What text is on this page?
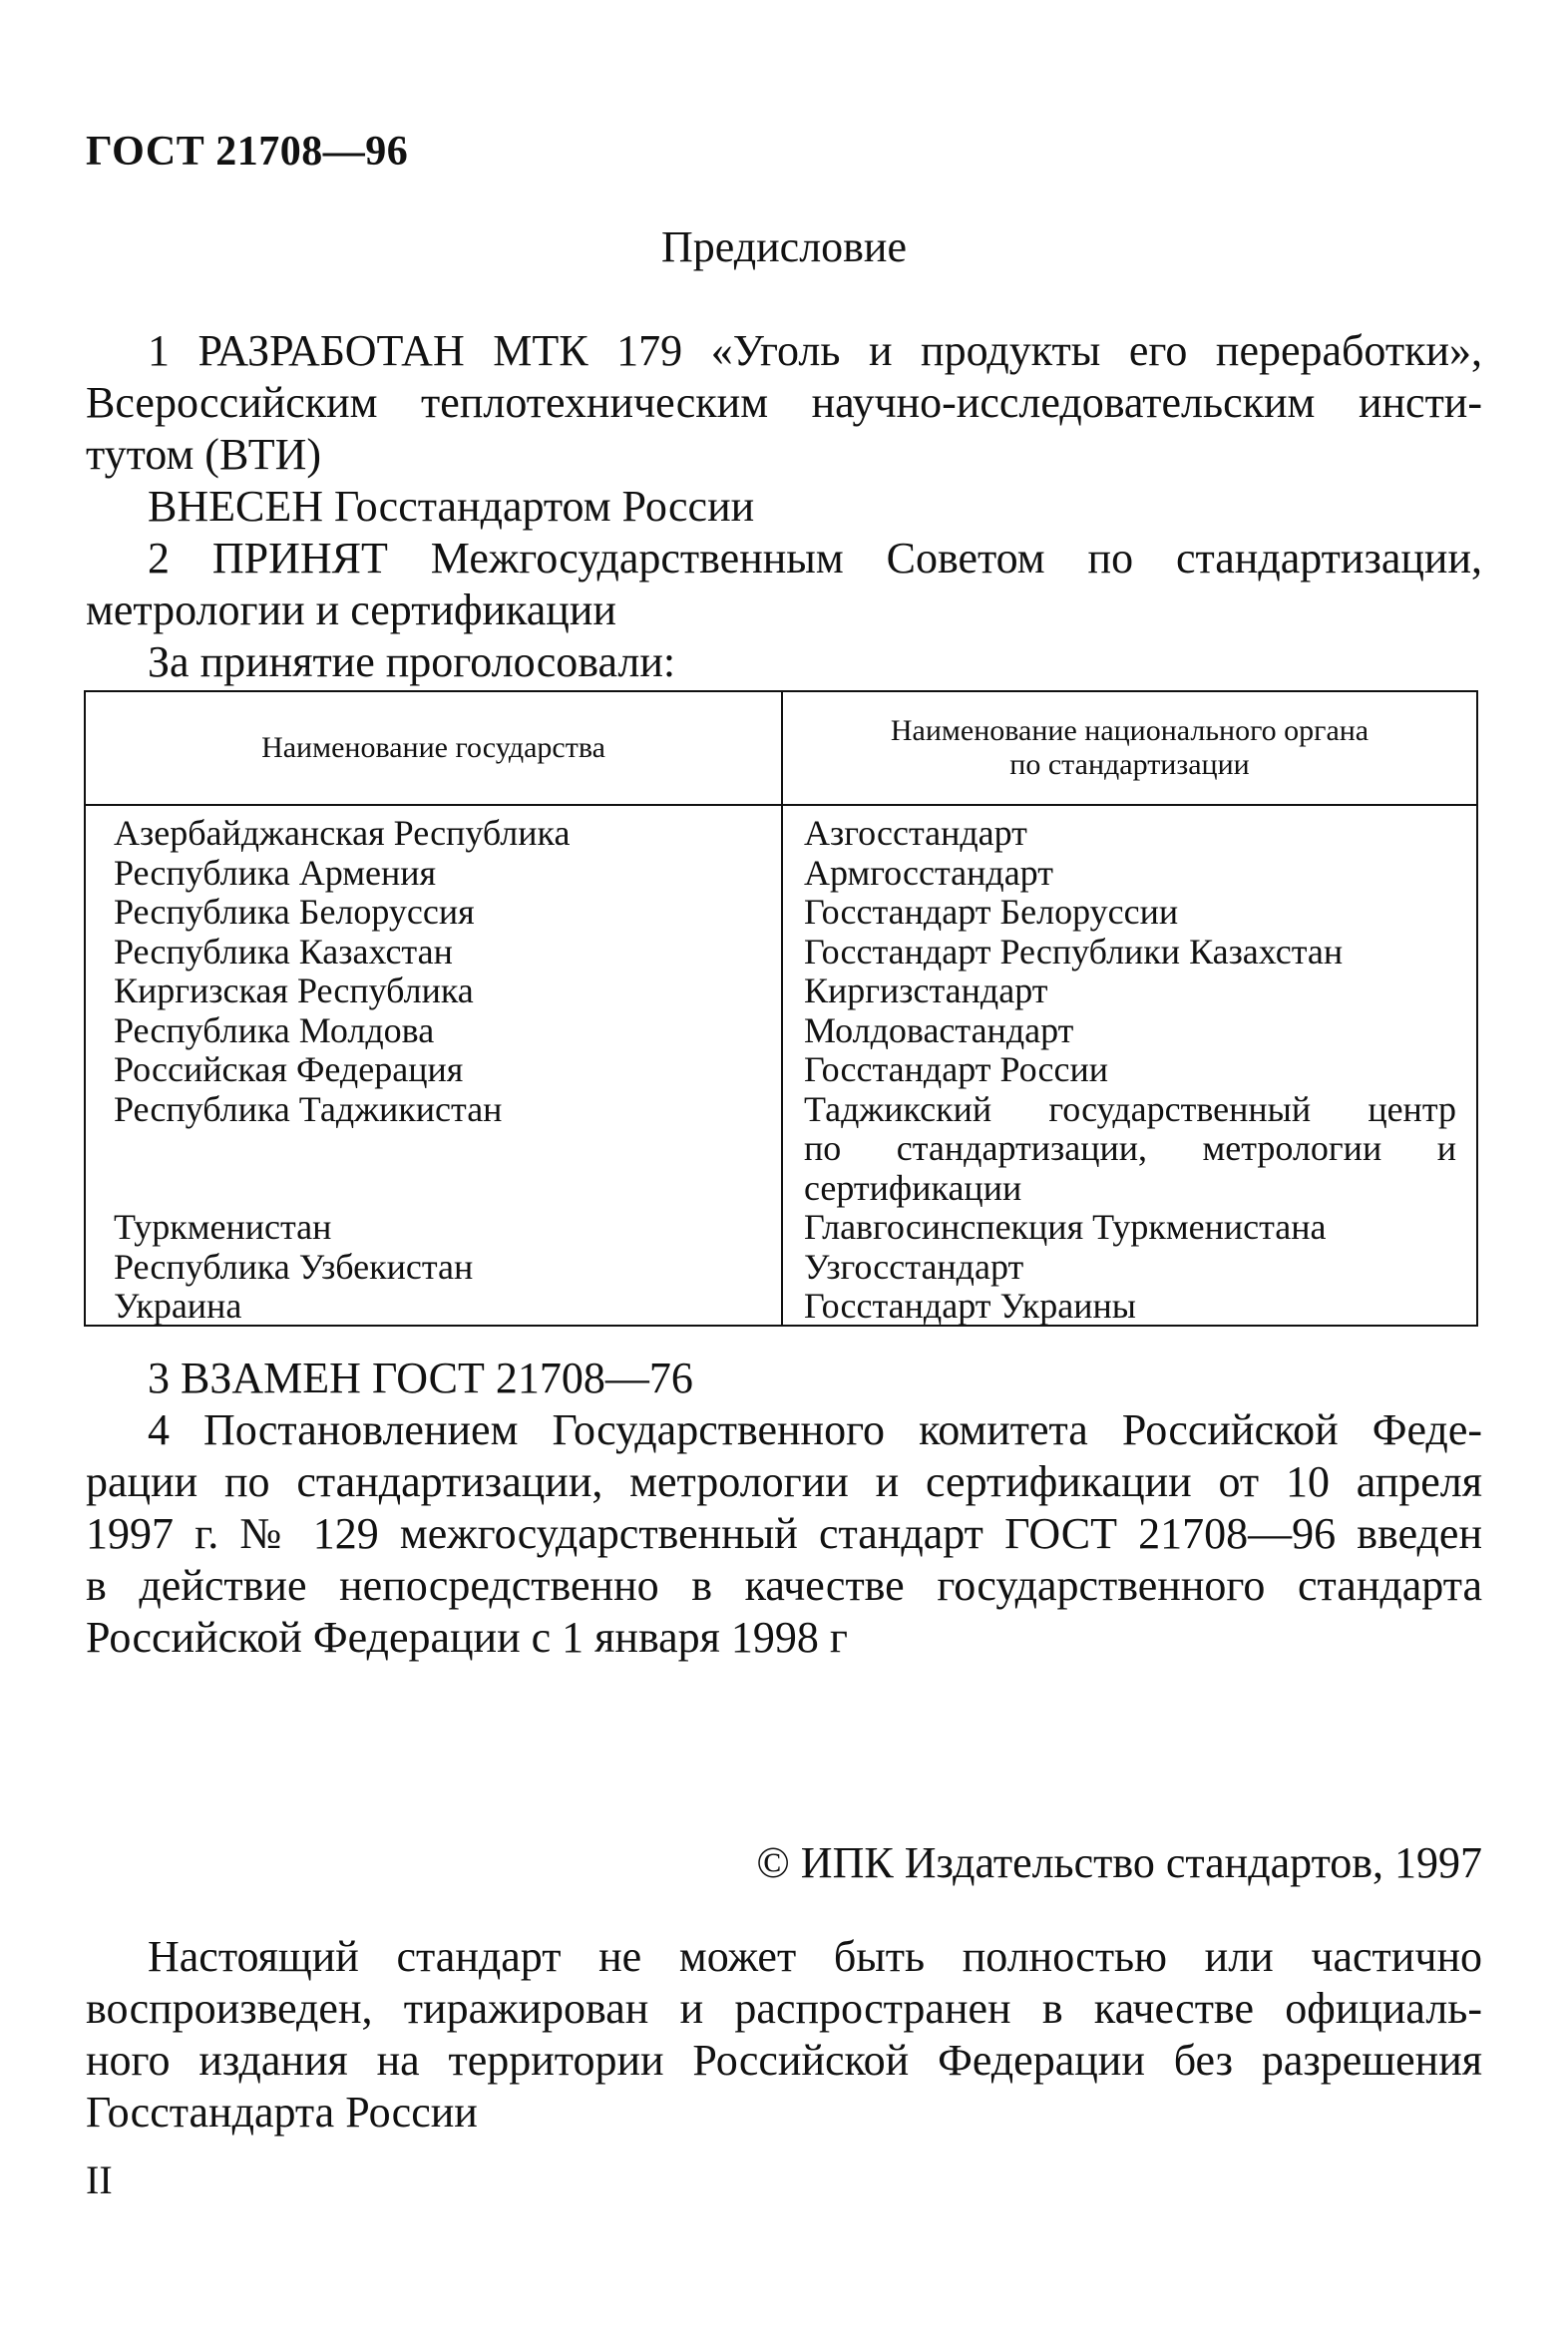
ГОСТ 21708—96
Предисловие
1 РАЗРАБОТАН МТК 179 «Уголь и продукты его переработки»,
Всероссийским теплотехническим научно-исследовательским инсти-
тутом (ВТИ)
ВНЕСЕН Госстандартом России
2 ПРИНЯТ Межгосударственным Советом по стандартизации,
метрологии и сертификации
За принятие проголосовали:
Наименование государства
Наименование национального органа
по стандартизации
Азербайджанская Республика
Республика Армения
Республика Белоруссия
Республика Казахстан
Киргизская Республика
Республика Молдова
Российская Федерация
Республика Таджикистан
Туркменистан
Республика Узбекистан
Украина
Азгосстандарт
Армгосстандарт
Госстандарт Белоруссии
Госстандарт Республики Казахстан
Киргизстандарт
Молдовастандарт
Госстандарт России
Таджикский государственный центр
по стандартизации, метрологии и
сертификации
Главгосинспекция Туркменистана
Узгосстандарт
Госстандарт Украины
3 ВЗАМЕН ГОСТ 21708—76
4 Постановлением Государственного комитета Российской Феде-
рации по стандартизации, метрологии и сертификации от 10 апреля
1997 г. № 129 межгосударственный стандарт ГОСТ 21708—96 введен
в действие непосредственно в качестве государственного стандарта
Российской Федерации с 1 января 1998 г
© ИПК Издательство стандартов, 1997
Настоящий стандарт не может быть полностью или частично
воспроизведен, тиражирован и распространен в качестве официаль-
ного издания на территории Российской Федерации без разрешения
Госстандарта России
II
